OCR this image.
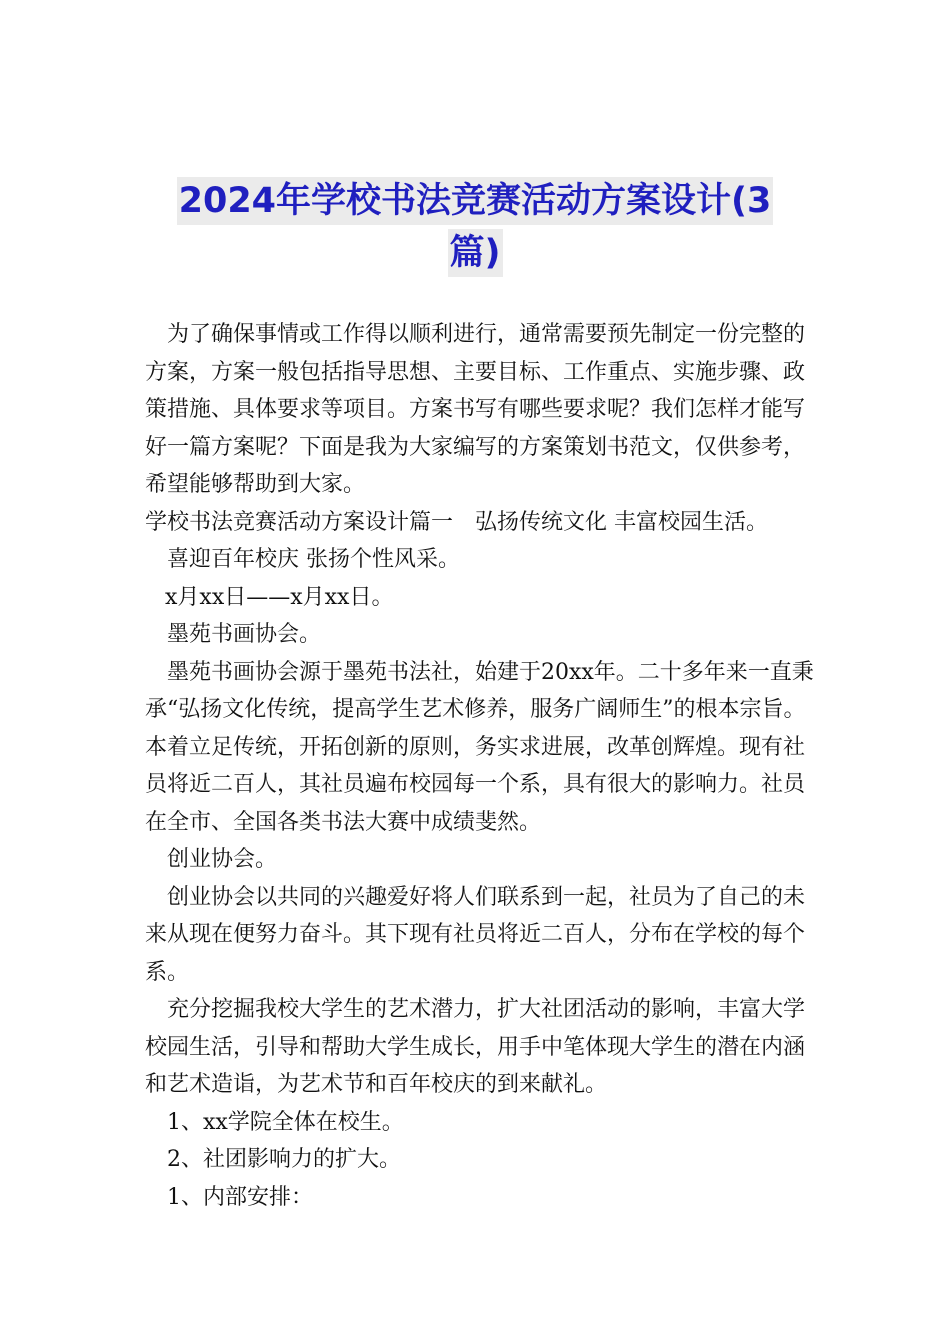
2024年学校书法竞赛活动方案设计(3
篇)

为了确保事情或工作得以顺利进行，通常需要预先制定一份完整的方案，方案一般包括指导思想、主要目标、工作重点、实施步骤、政策措施、具体要求等项目。方案书写有哪些要求呢？我们怎样才能写好一篇方案呢？下面是我为大家编写的方案策划书范文，仅供参考，希望能够帮助到大家。

学校书法竞赛活动方案设计篇一　弘扬传统文化 丰富校园生活。

喜迎百年校庆 张扬个性风采。

x月xx日——x月xx日。

墨苑书画协会。

墨苑书画协会源于墨苑书法社，始建于20xx年。二十多年来一直秉承“弘扬文化传统，提高学生艺术修养，服务广阔师生”的根本宗旨。本着立足传统，开拓创新的原则，务实求进展，改革创辉煌。现有社员将近二百人，其社员遍布校园每一个系，具有很大的影响力。社员在全市、全国各类书法大赛中成绩斐然。

创业协会。

创业协会以共同的兴趣爱好将人们联系到一起，社员为了自己的未来从现在便努力奋斗。其下现有社员将近二百人，分布在学校的每个系。

充分挖掘我校大学生的艺术潜力，扩大社团活动的影响，丰富大学校园生活，引导和帮助大学生成长，用手中笔体现大学生的潜在内涵和艺术造诣，为艺术节和百年校庆的到来献礼。

1、xx学院全体在校生。

2、社团影响力的扩大。

1、内部安排：
